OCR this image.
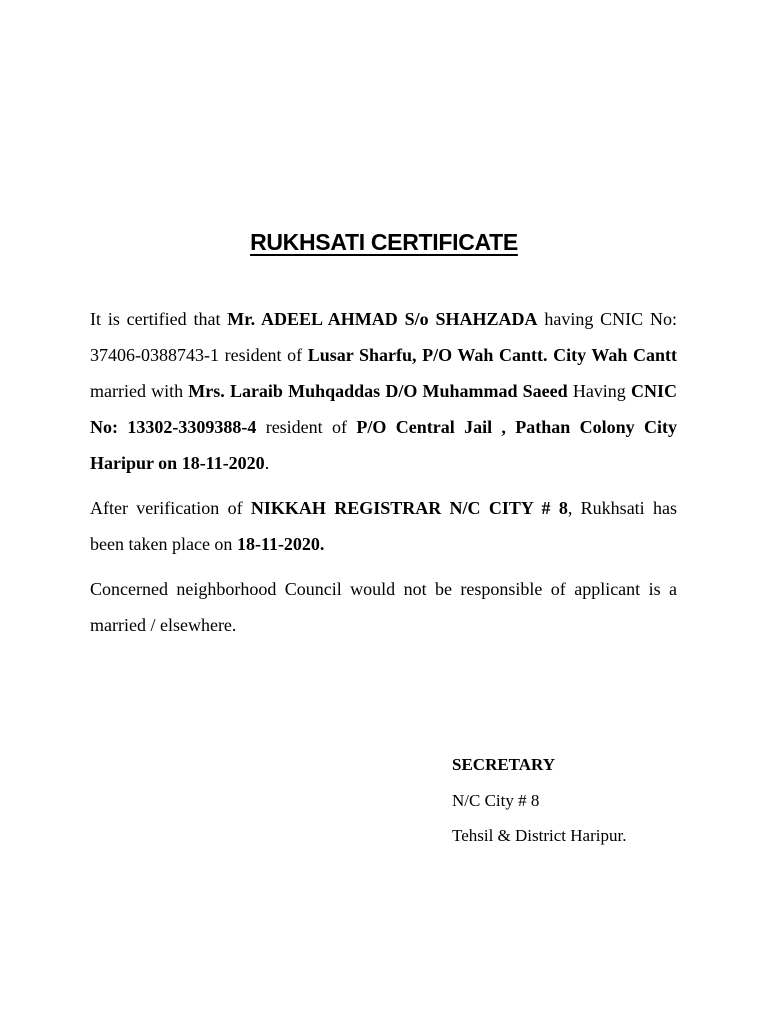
RUKHSATI CERTIFICATE

It is certified that Mr. ADEEL AHMAD S/o SHAHZADA having CNIC No: 37406-0388743-1 resident of Lusar Sharfu, P/O Wah Cantt. City Wah Cantt married with Mrs. Laraib Muhqaddas D/O Muhammad Saeed Having CNIC No: 13302-3309388-4 resident of P/O Central Jail , Pathan Colony City Haripur on 18-11-2020.

After verification of NIKKAH REGISTRAR N/C CITY # 8, Rukhsati has been taken place on 18-11-2020.

Concerned neighborhood Council would not be responsible of applicant is a married / elsewhere.

SECRETARY
N/C City # 8
Tehsil & District Haripur.
